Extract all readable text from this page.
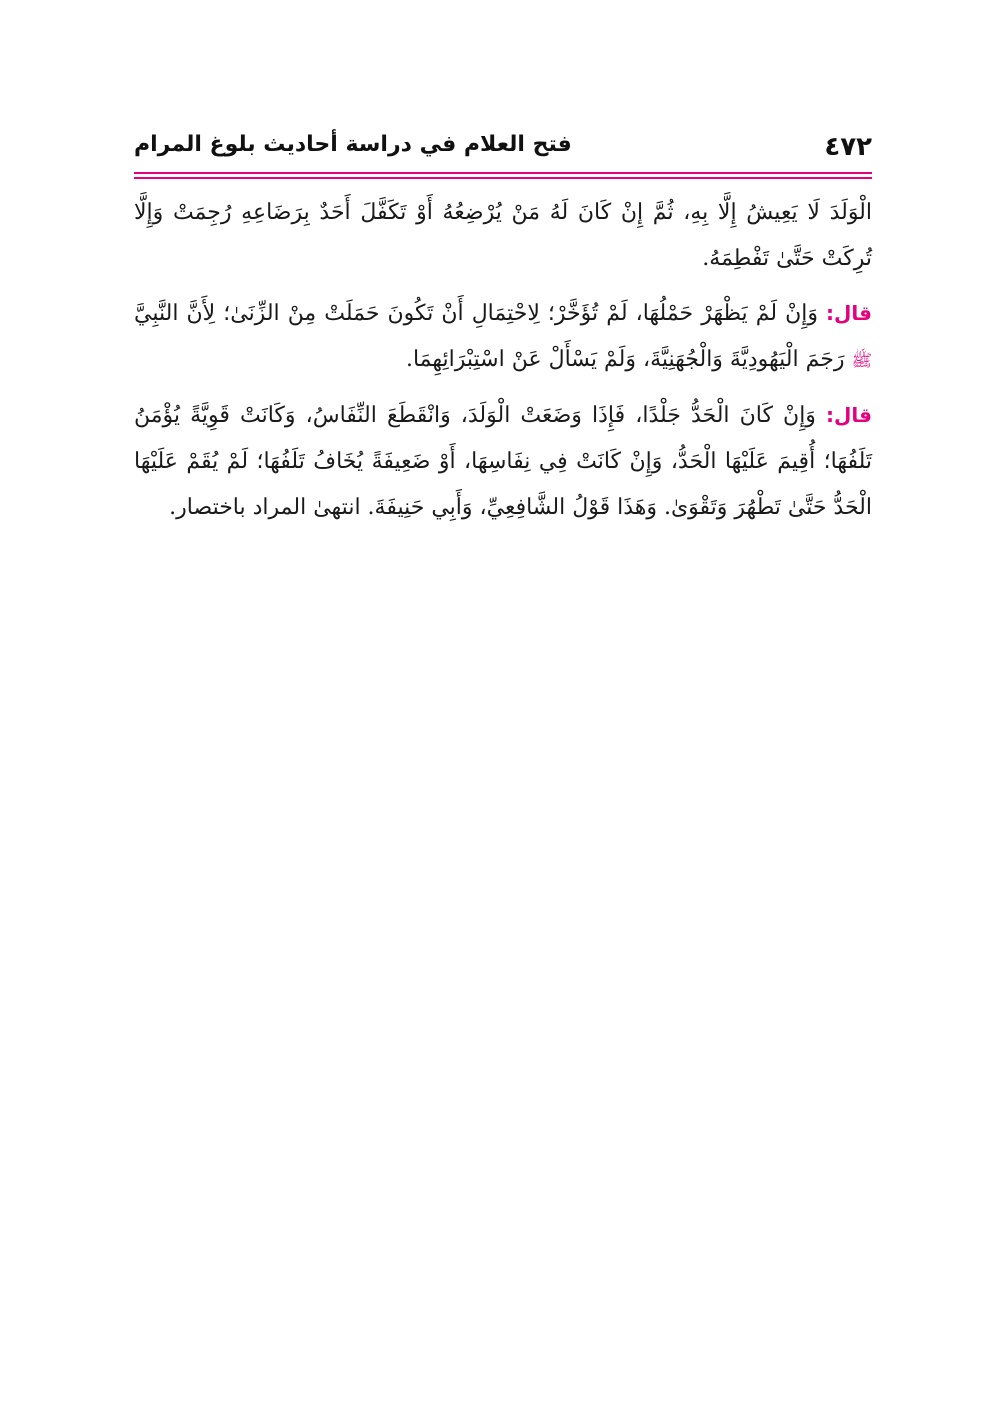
٤٧٢
فتح العلام في دراسة أحاديث بلوغ المرام

الْوَلَدَ لَا يَعِيشُ إِلَّا بِهِ، ثُمَّ إِنْ كَانَ لَهُ مَنْ يُرْضِعُهُ أَوْ تَكَفَّلَ أَحَدٌ بِرَضَاعِهِ رُجِمَتْ وَإِلَّا تُرِكَتْ حَتَّىٰ تَفْطِمَهُ.

قال: وَإِنْ لَمْ يَظْهَرْ حَمْلُهَا، لَمْ تُؤَخَّرْ؛ لِاحْتِمَالِ أَنْ تَكُونَ حَمَلَتْ مِنْ الزِّنَىٰ؛ لِأَنَّ النَّبِيَّ ﷺ رَجَمَ الْيَهُودِيَّةَ وَالْجُهَنِيَّةَ، وَلَمْ يَسْأَلْ عَنْ اسْتِبْرَائِهِمَا.

قال: وَإِنْ كَانَ الْحَدُّ جَلْدًا، فَإِذَا وَضَعَتْ الْوَلَدَ، وَانْقَطَعَ النِّفَاسُ، وَكَانَتْ قَوِيَّةً يُؤْمَنُ تَلَفُهَا؛ أُقِيمَ عَلَيْهَا الْحَدُّ، وَإِنْ كَانَتْ فِي نِفَاسِهَا، أَوْ ضَعِيفَةً يُخَافُ تَلَفُهَا؛ لَمْ يُقَمْ عَلَيْهَا الْحَدُّ حَتَّىٰ تَطْهُرَ وَتَقْوَىٰ. وَهَذَا قَوْلُ الشَّافِعِيِّ، وَأَبِي حَنِيفَةَ. انتهىٰ المراد باختصار.
